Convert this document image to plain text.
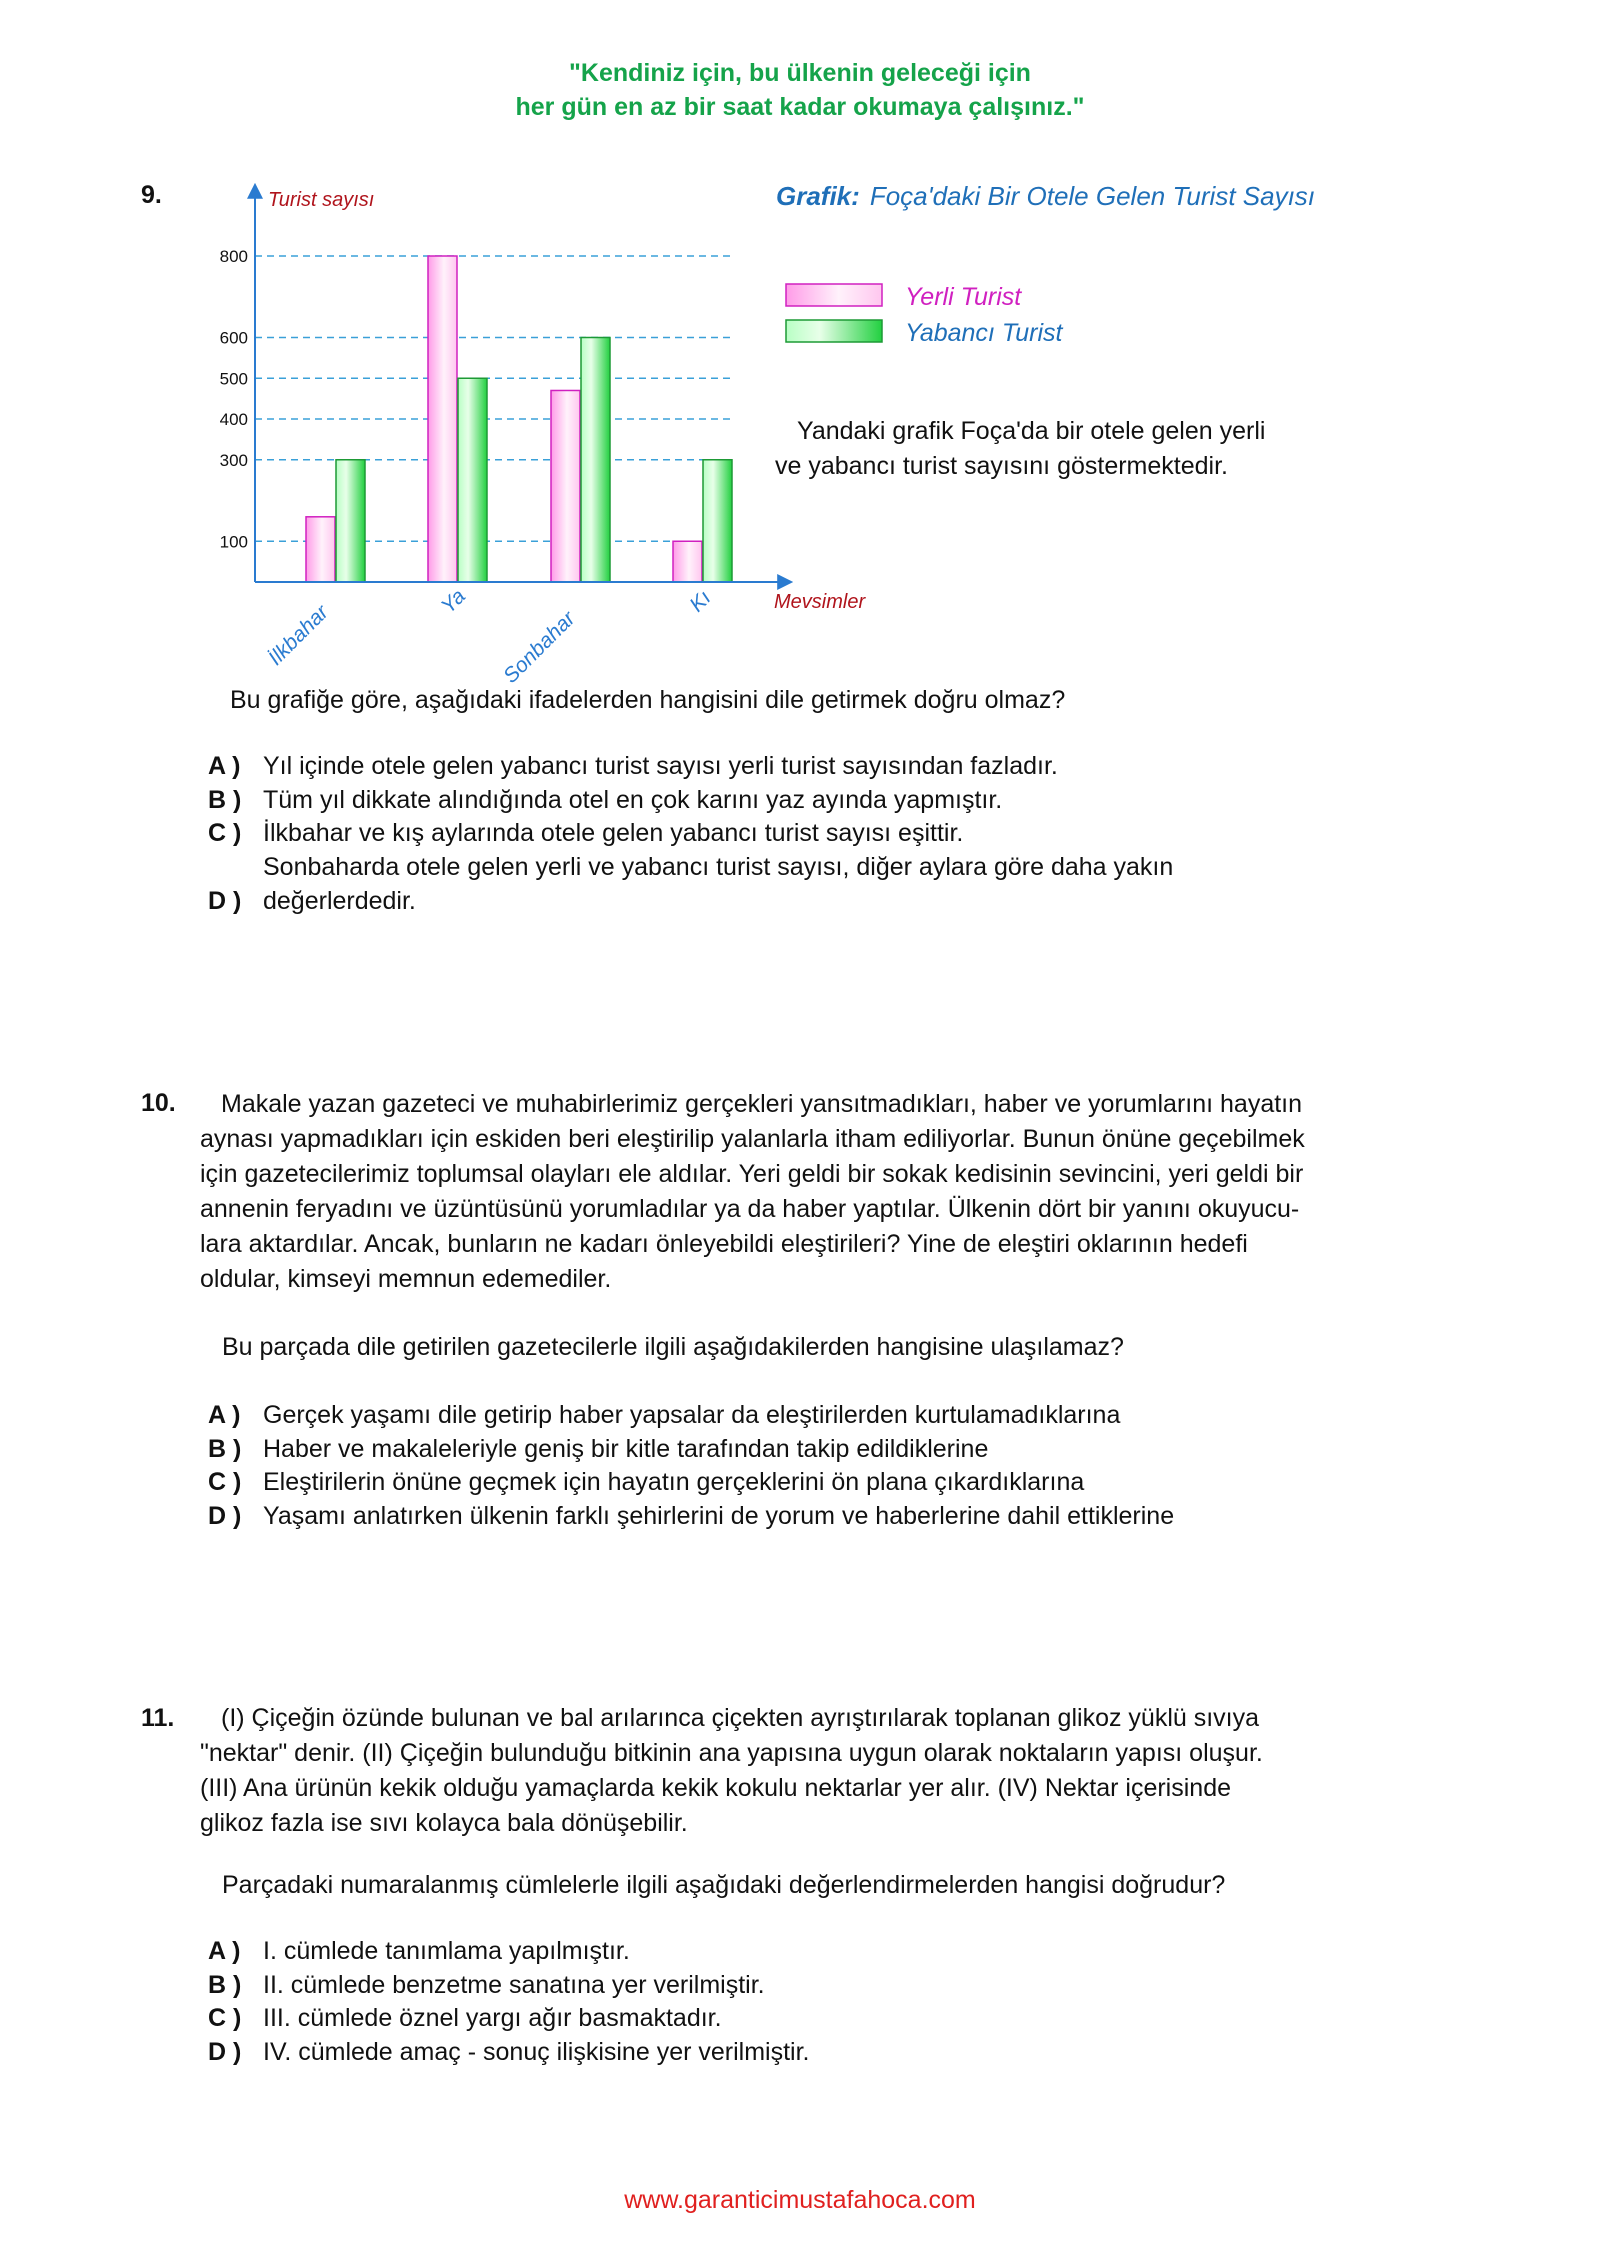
"Kendiniz için, bu ülkenin geleceği için
her gün en az bir saat kadar okumaya çalışınız."
9.
100
300
400
500
600
800
İlkbahar	Ya
Sonbahar
Kı
Turist sayısı
Mevsimler
Grafik: Foça'daki Bir Otele Gelen Turist Sayısı
Yerli Turist
Yabancı Turist
Yandaki grafik Foça'da bir otele gelen yerli
ve yabancı turist sayısını göstermektedir.
Bu grafiğe göre, aşağıdaki ifadelerden hangisini dile getirmek doğru olmaz?
A ) Yıl içinde otele gelen yabancı turist sayısı yerli turist sayısından fazladır.
B ) Tüm yıl dikkate alındığında otel en çok karını yaz ayında yapmıştır.
C ) İlkbahar ve kış aylarında otele gelen yabancı turist sayısı eşittir.
D )Sonbaharda otele gelen yerli ve yabancı turist sayısı, diğer aylara göre daha yakın
değerlerdedir.
10.	Makale yazan gazeteci ve muhabirlerimiz gerçekleri yansıtmadıkları, haber ve yorumlarını hayatın
aynası yapmadıkları için eskiden beri eleştirilip yalanlarla itham ediliyorlar. Bunun önüne geçebilmek
için gazetecilerimiz toplumsal olayları ele aldılar. Yeri geldi bir sokak kedisinin sevincini, yeri geldi bir
annenin feryadını ve üzüntüsünü yorumladılar ya da haber yaptılar. Ülkenin dört bir yanını okuyucu-
lara aktardılar. Ancak, bunların ne kadarı önleyebildi eleştirileri? Yine de eleştiri oklarının hedefi
oldular, kimseyi memnun edemediler.
Bu parçada dile getirilen gazetecilerle ilgili aşağıdakilerden hangisine ulaşılamaz?
A ) Gerçek yaşamı dile getirip haber yapsalar da eleştirilerden kurtulamadıklarına
B ) Haber ve makaleleriyle geniş bir kitle tarafından takip edildiklerine
C ) Eleştirilerin önüne geçmek için hayatın gerçeklerini ön plana çıkardıklarına
D ) Yaşamı anlatırken ülkenin farklı şehirlerini de yorum ve haberlerine dahil ettiklerine
11.	(I) Çiçeğin özünde bulunan ve bal arılarınca çiçekten ayrıştırılarak toplanan glikoz yüklü sıvıya
"nektar" denir. (II) Çiçeğin bulunduğu bitkinin ana yapısına uygun olarak noktaların yapısı oluşur.
(III) Ana ürünün kekik olduğu yamaçlarda kekik kokulu nektarlar yer alır. (IV) Nektar içerisinde
glikoz fazla ise sıvı kolayca bala dönüşebilir.
Parçadaki numaralanmış cümlelerle ilgili aşağıdaki değerlendirmelerden hangisi doğrudur?
A ) I. cümlede tanımlama yapılmıştır.
B ) II. cümlede benzetme sanatına yer verilmiştir.
C ) III. cümlede öznel yargı ağır basmaktadır.
D ) IV. cümlede amaç - sonuç ilişkisine yer verilmiştir.
www.garanticimustafahoca.com
